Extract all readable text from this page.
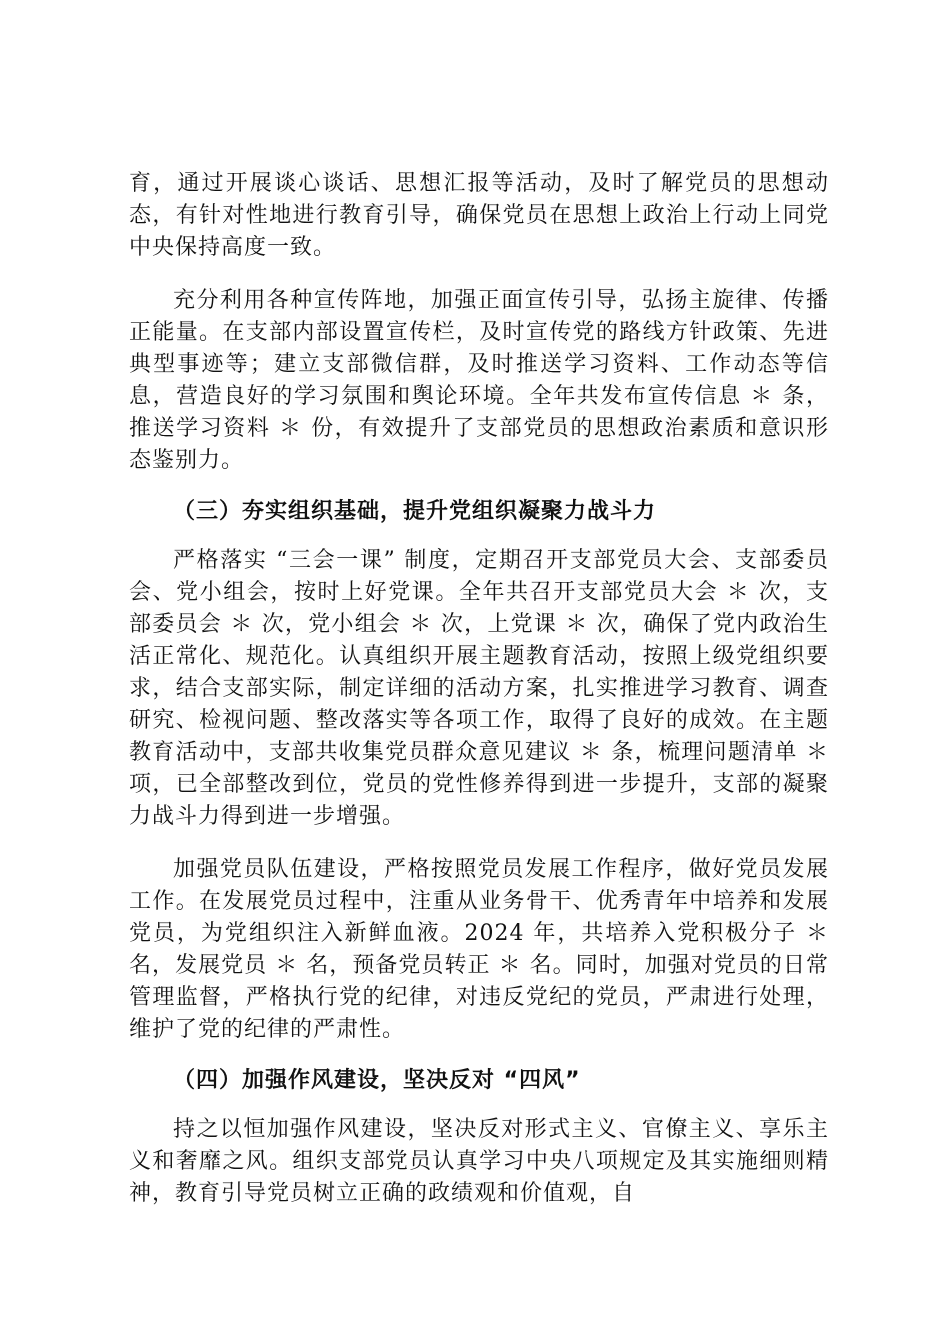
育，通过开展谈心谈话、思想汇报等活动，及时了解党员的思想动态，有针对性地进行教育引导，确保党员在思想上政治上行动上同党中央保持高度一致。

充分利用各种宣传阵地，加强正面宣传引导，弘扬主旋律、传播正能量。在支部内部设置宣传栏，及时宣传党的路线方针政策、先进典型事迹等；建立支部微信群，及时推送学习资料、工作动态等信息，营造良好的学习氛围和舆论环境。全年共发布宣传信息 ＊ 条，推送学习资料 ＊ 份，有效提升了支部党员的思想政治素质和意识形态鉴别力。

（三）夯实组织基础，提升党组织凝聚力战斗力

严格落实 “三会一课” 制度，定期召开支部党员大会、支部委员会、党小组会，按时上好党课。全年共召开支部党员大会 ＊ 次，支部委员会 ＊ 次，党小组会 ＊ 次，上党课 ＊ 次，确保了党内政治生活正常化、规范化。认真组织开展主题教育活动，按照上级党组织要求，结合支部实际，制定详细的活动方案，扎实推进学习教育、调查研究、检视问题、整改落实等各项工作，取得了良好的成效。在主题教育活动中，支部共收集党员群众意见建议 ＊ 条，梳理问题清单 ＊ 项，已全部整改到位，党员的党性修养得到进一步提升，支部的凝聚力战斗力得到进一步增强。

加强党员队伍建设，严格按照党员发展工作程序，做好党员发展工作。在发展党员过程中，注重从业务骨干、优秀青年中培养和发展党员，为党组织注入新鲜血液。2024 年，共培养入党积极分子 ＊ 名，发展党员 ＊ 名，预备党员转正 ＊ 名。同时，加强对党员的日常管理监督，严格执行党的纪律，对违反党纪的党员，严肃进行处理，维护了党的纪律的严肃性。

（四）加强作风建设，坚决反对 “四风”

持之以恒加强作风建设，坚决反对形式主义、官僚主义、享乐主义和奢靡之风。组织支部党员认真学习中央八项规定及其实施细则精神，教育引导党员树立正确的政绩观和价值观，自
